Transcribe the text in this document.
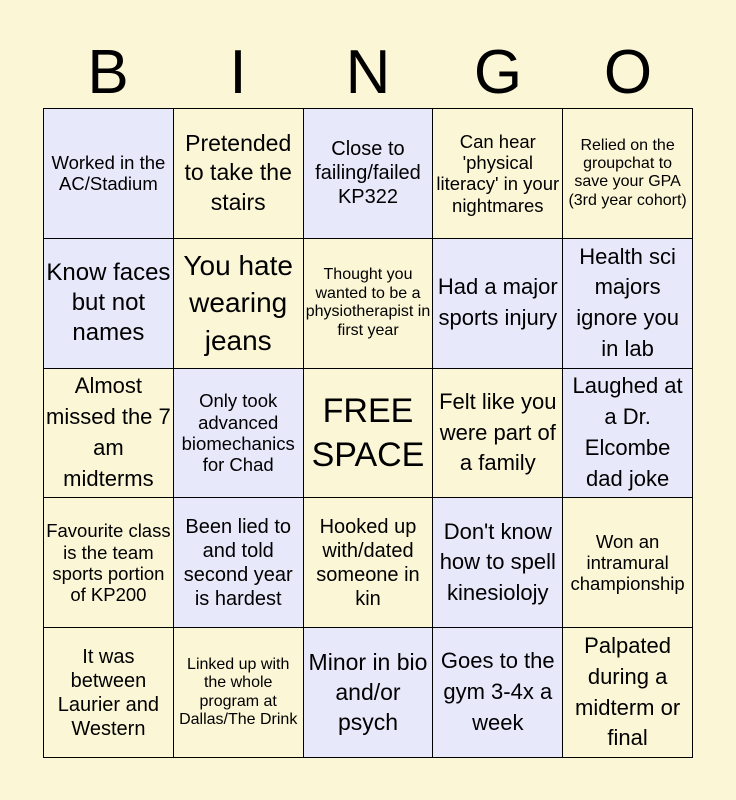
B	I	N	G	O
Worked in the AC/Stadium
Pretended to take the stairs
Close to failing/failed KP322
Can hear 'physical literacy' in your nightmares
Relied on the groupchat to save your GPA (3rd year cohort)
Know faces but not names
You hate wearing jeans
Thought you wanted to be a physiotherapist in first year
Had a major sports injury
Health sci majors ignore you in lab
Almost missed the 7 am midterms
Only took advanced biomechanics for Chad
FREE SPACE
Felt like you were part of a family
Laughed at a Dr. Elcombe dad joke
Favourite class is the team sports portion of KP200
Been lied to and told second year is hardest
Hooked up with/dated someone in kin
Don't know how to spell kinesiolojy
Won an intramural championship
It was between Laurier and Western
Linked up with the whole program at Dallas/The Drink
Minor in bio and/or psych
Goes to the gym 3-4x a week
Palpated during a midterm or final
